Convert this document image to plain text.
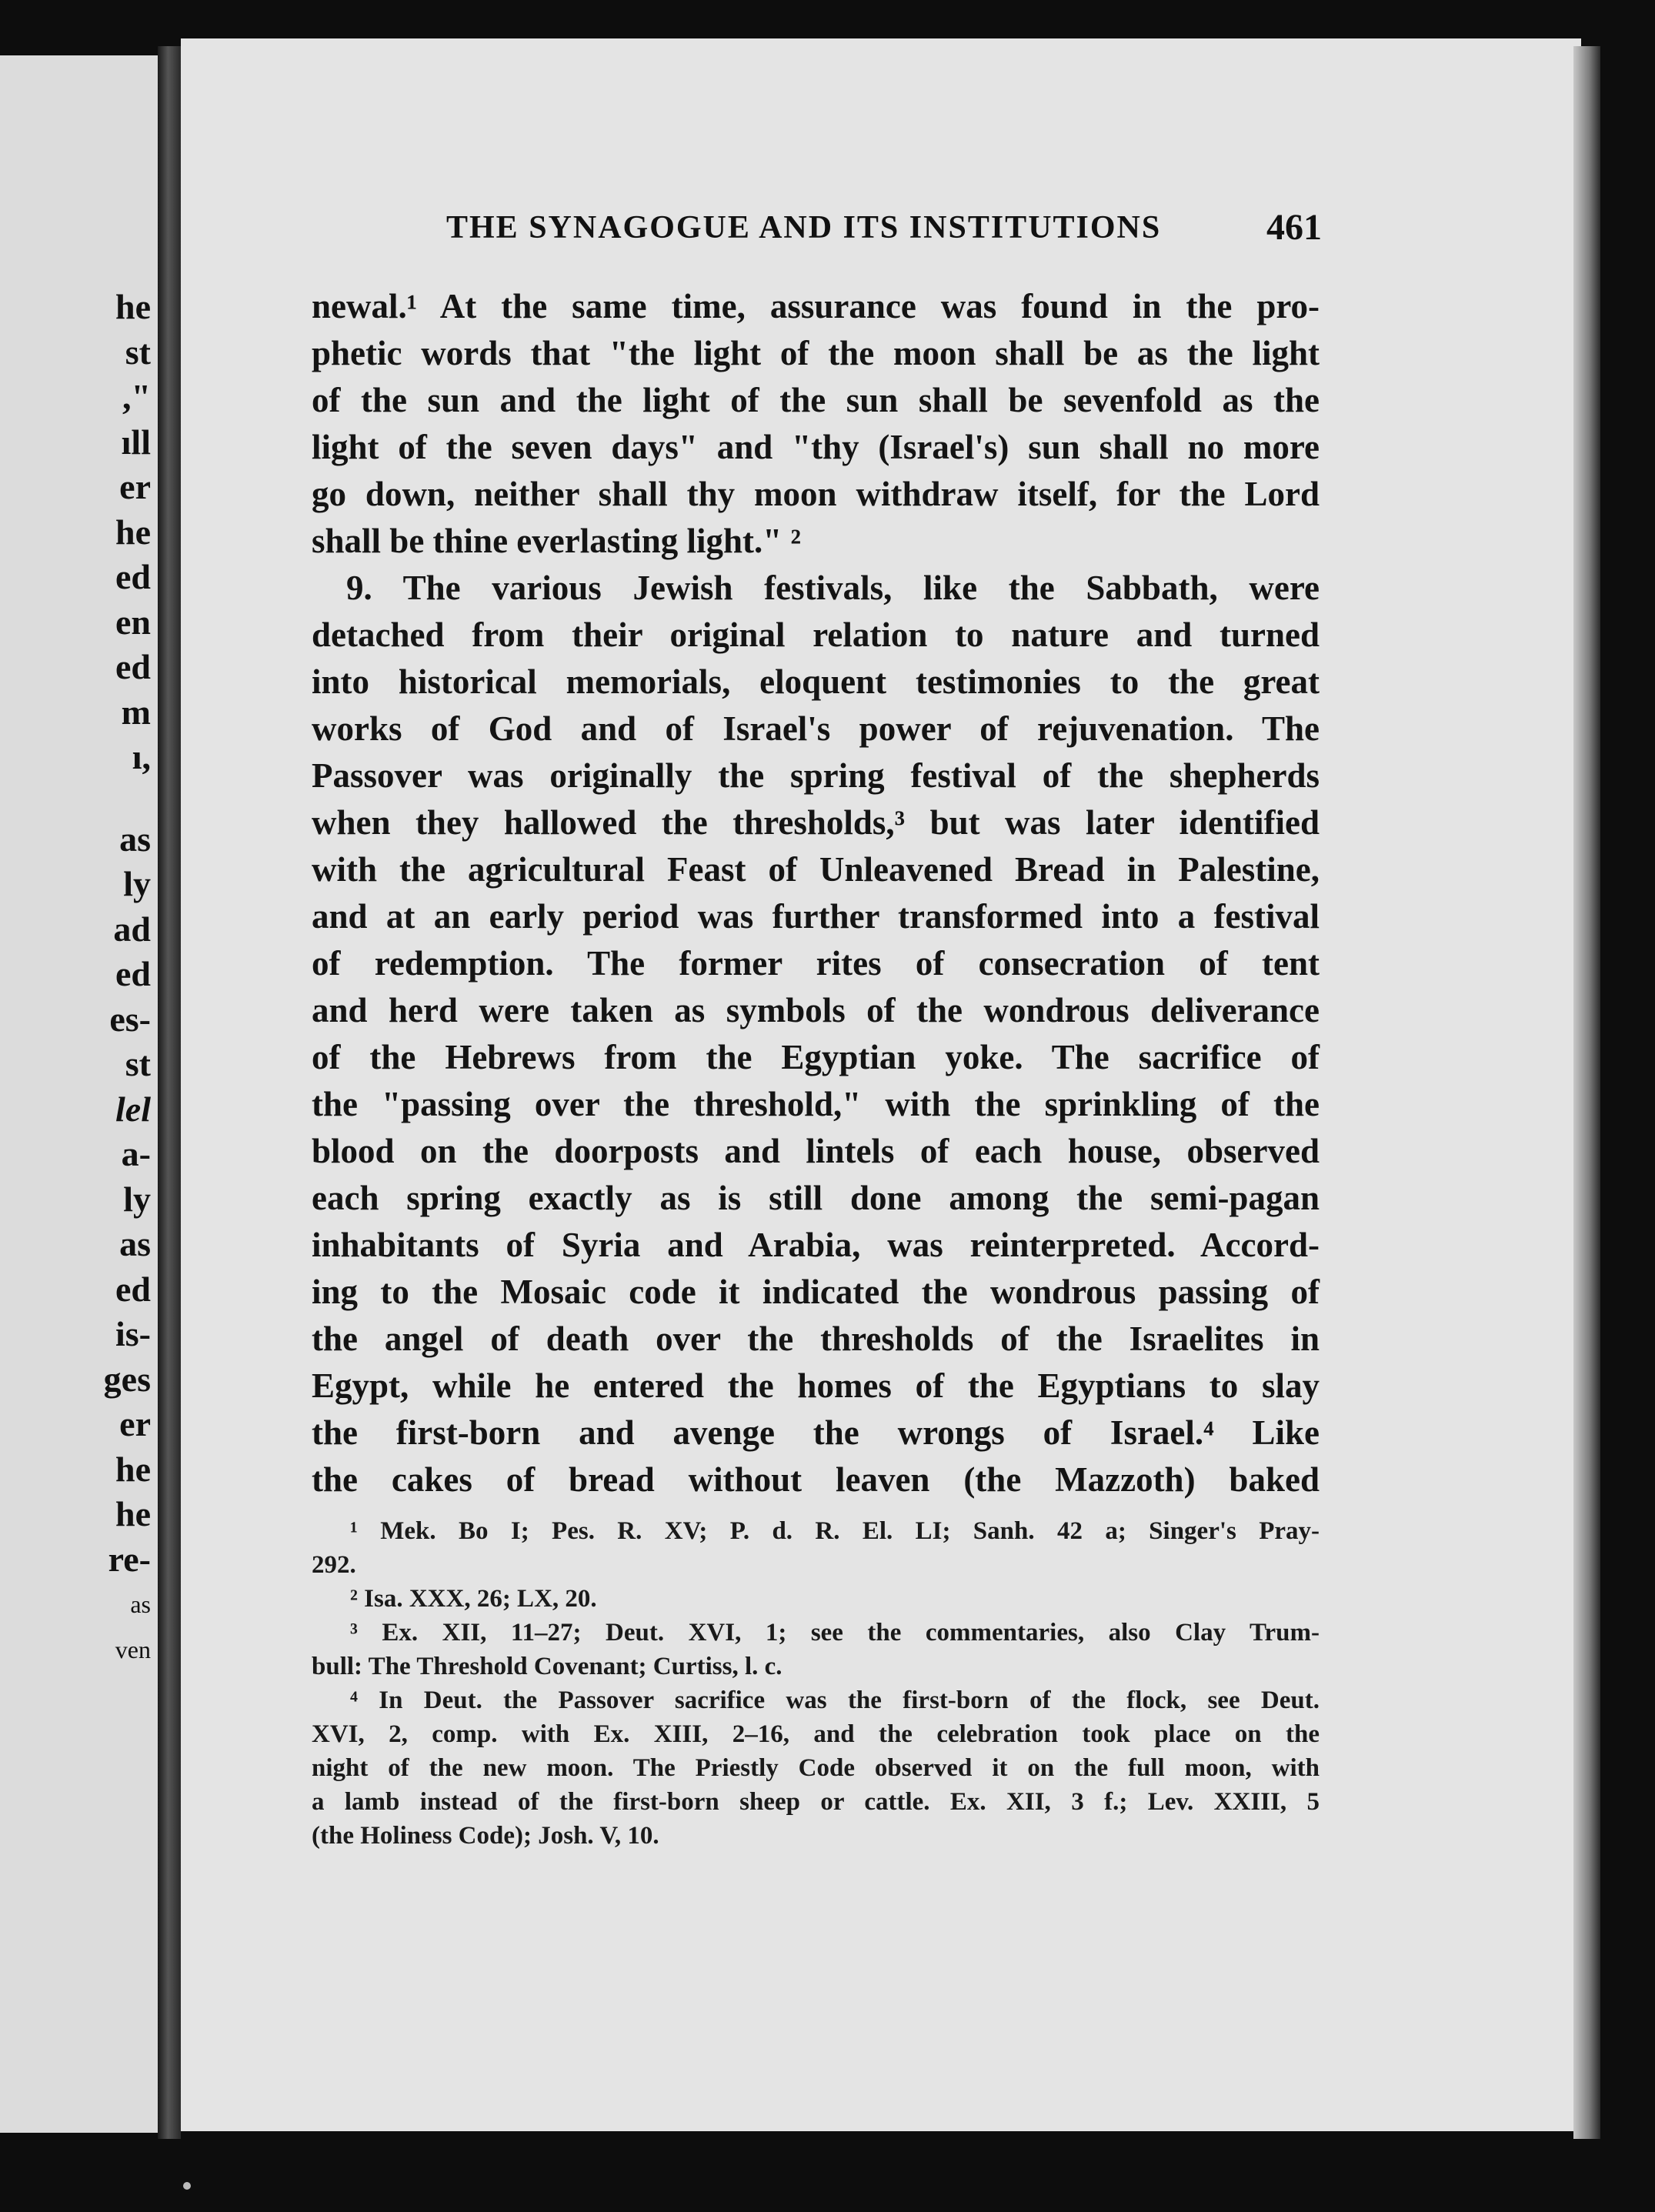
he
st
,"
ıll
er
he
ed
en
ed
m
ı,
as
ly
ad
ed
es-
st
lel
a-
ly
as
ed
is-
ges
er
he
he
re-
as
ven
THE SYNAGOGUE AND ITS INSTITUTIONS	461
newal.¹ At the same time, assurance was found in the pro-
phetic words that "the light of the moon shall be as the light
of the sun and the light of the sun shall be sevenfold as the
light of the seven days" and "thy (Israel's) sun shall no more
go down, neither shall thy moon withdraw itself, for the Lord
shall be thine everlasting light." ²
9. The various Jewish festivals, like the Sabbath, were
detached from their original relation to nature and turned
into historical memorials, eloquent testimonies to the great
works of God and of Israel's power of rejuvenation. The
Passover was originally the spring festival of the shepherds
when they hallowed the thresholds,³ but was later identified
with the agricultural Feast of Unleavened Bread in Palestine,
and at an early period was further transformed into a festival
of redemption. The former rites of consecration of tent
and herd were taken as symbols of the wondrous deliverance
of the Hebrews from the Egyptian yoke. The sacrifice of
the "passing over the threshold," with the sprinkling of the
blood on the doorposts and lintels of each house, observed
each spring exactly as is still done among the semi-pagan
inhabitants of Syria and Arabia, was reinterpreted. Accord-
ing to the Mosaic code it indicated the wondrous passing of
the angel of death over the thresholds of the Israelites in
Egypt, while he entered the homes of the Egyptians to slay
the first-born and avenge the wrongs of Israel.⁴ Like
the cakes of bread without leaven (the Mazzoth) baked
¹ Mek. Bo I; Pes. R. XV; P. d. R. El. LI; Sanh. 42 a; Singer's Pray-
292.
² Isa. XXX, 26; LX, 20.
³ Ex. XII, 11–27; Deut. XVI, 1; see the commentaries, also Clay Trum-
bull: The Threshold Covenant; Curtiss, l. c.
⁴ In Deut. the Passover sacrifice was the first-born of the flock, see Deut.
XVI, 2, comp. with Ex. XIII, 2–16, and the celebration took place on the
night of the new moon. The Priestly Code observed it on the full moon, with
a lamb instead of the first-born sheep or cattle. Ex. XII, 3 f.; Lev. XXIII, 5
(the Holiness Code); Josh. V, 10.
